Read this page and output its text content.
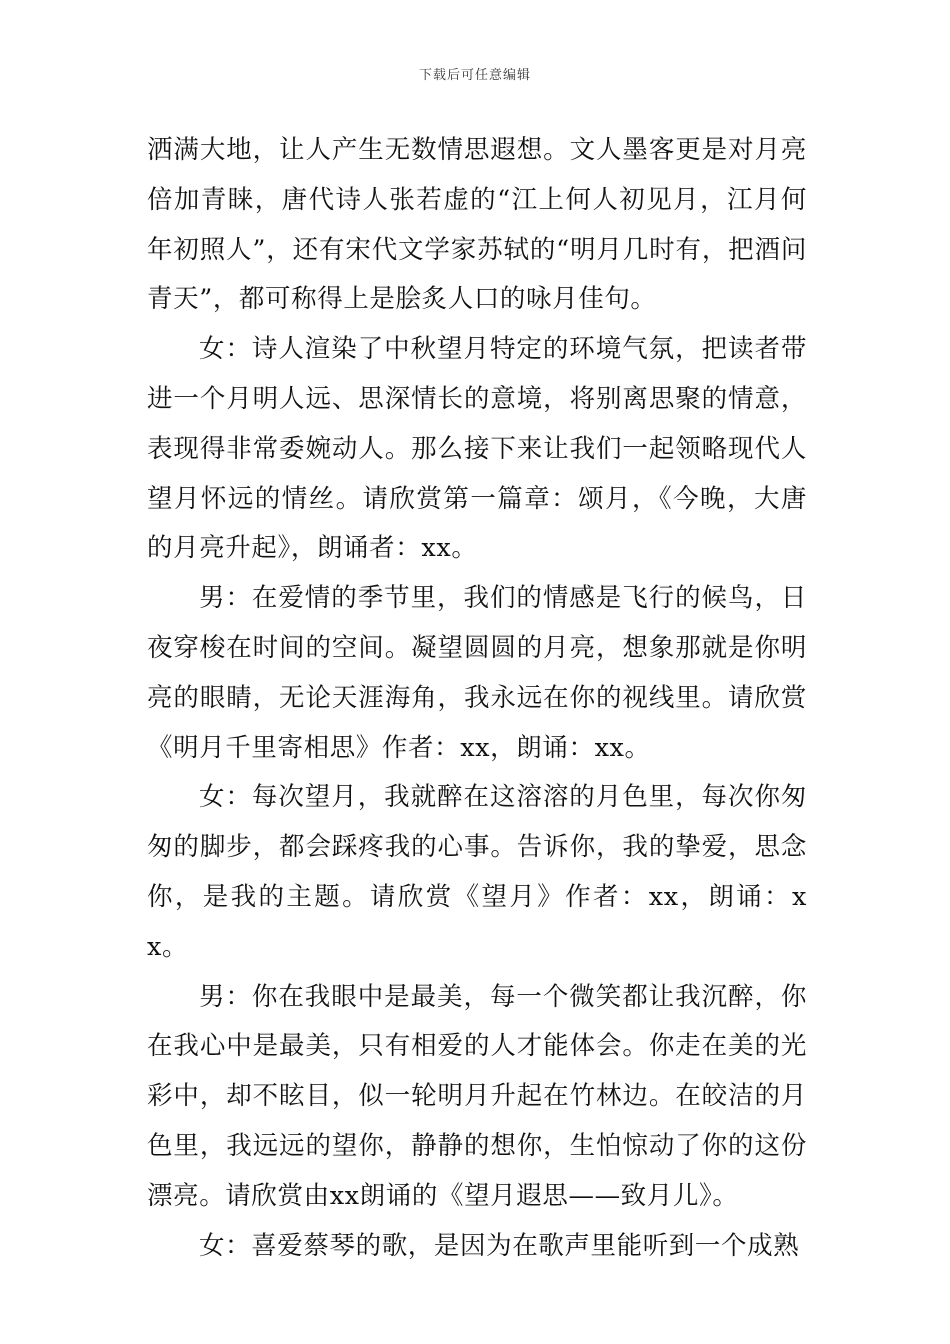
下载后可任意编辑

洒满大地，让人产生无数情思遐想。文人墨客更是对月亮倍加青睐，唐代诗人张若虚的“江上何人初见月，江月何年初照人”，还有宋代文学家苏轼的“明月几时有，把酒问青天”，都可称得上是脍炙人口的咏月佳句。

女：诗人渲染了中秋望月特定的环境气氛，把读者带进一个月明人远、思深情长的意境，将别离思聚的情意，表现得非常委婉动人。那么接下来让我们一起领略现代人望月怀远的情丝。请欣赏第一篇章：颂月，《今晚，大唐的月亮升起》，朗诵者：xx。

男：在爱情的季节里，我们的情感是飞行的候鸟，日夜穿梭在时间的空间。凝望圆圆的月亮，想象那就是你明亮的眼睛，无论天涯海角，我永远在你的视线里。请欣赏《明月千里寄相思》作者：xx，朗诵：xx。

女：每次望月，我就醉在这溶溶的月色里，每次你匆匆的脚步，都会踩疼我的心事。告诉你，我的挚爱，思念你，是我的主题。请欣赏《望月》作者：xx，朗诵：xx。

男：你在我眼中是最美，每一个微笑都让我沉醉，你在我心中是最美，只有相爱的人才能体会。你走在美的光彩中，却不眩目，似一轮明月升起在竹林边。在皎洁的月色里，我远远的望你，静静的想你，生怕惊动了你的这份漂亮。请欣赏由xx朗诵的《望月遐思——致月儿》。

女：喜爱蔡琴的歌，是因为在歌声里能听到一个成熟
